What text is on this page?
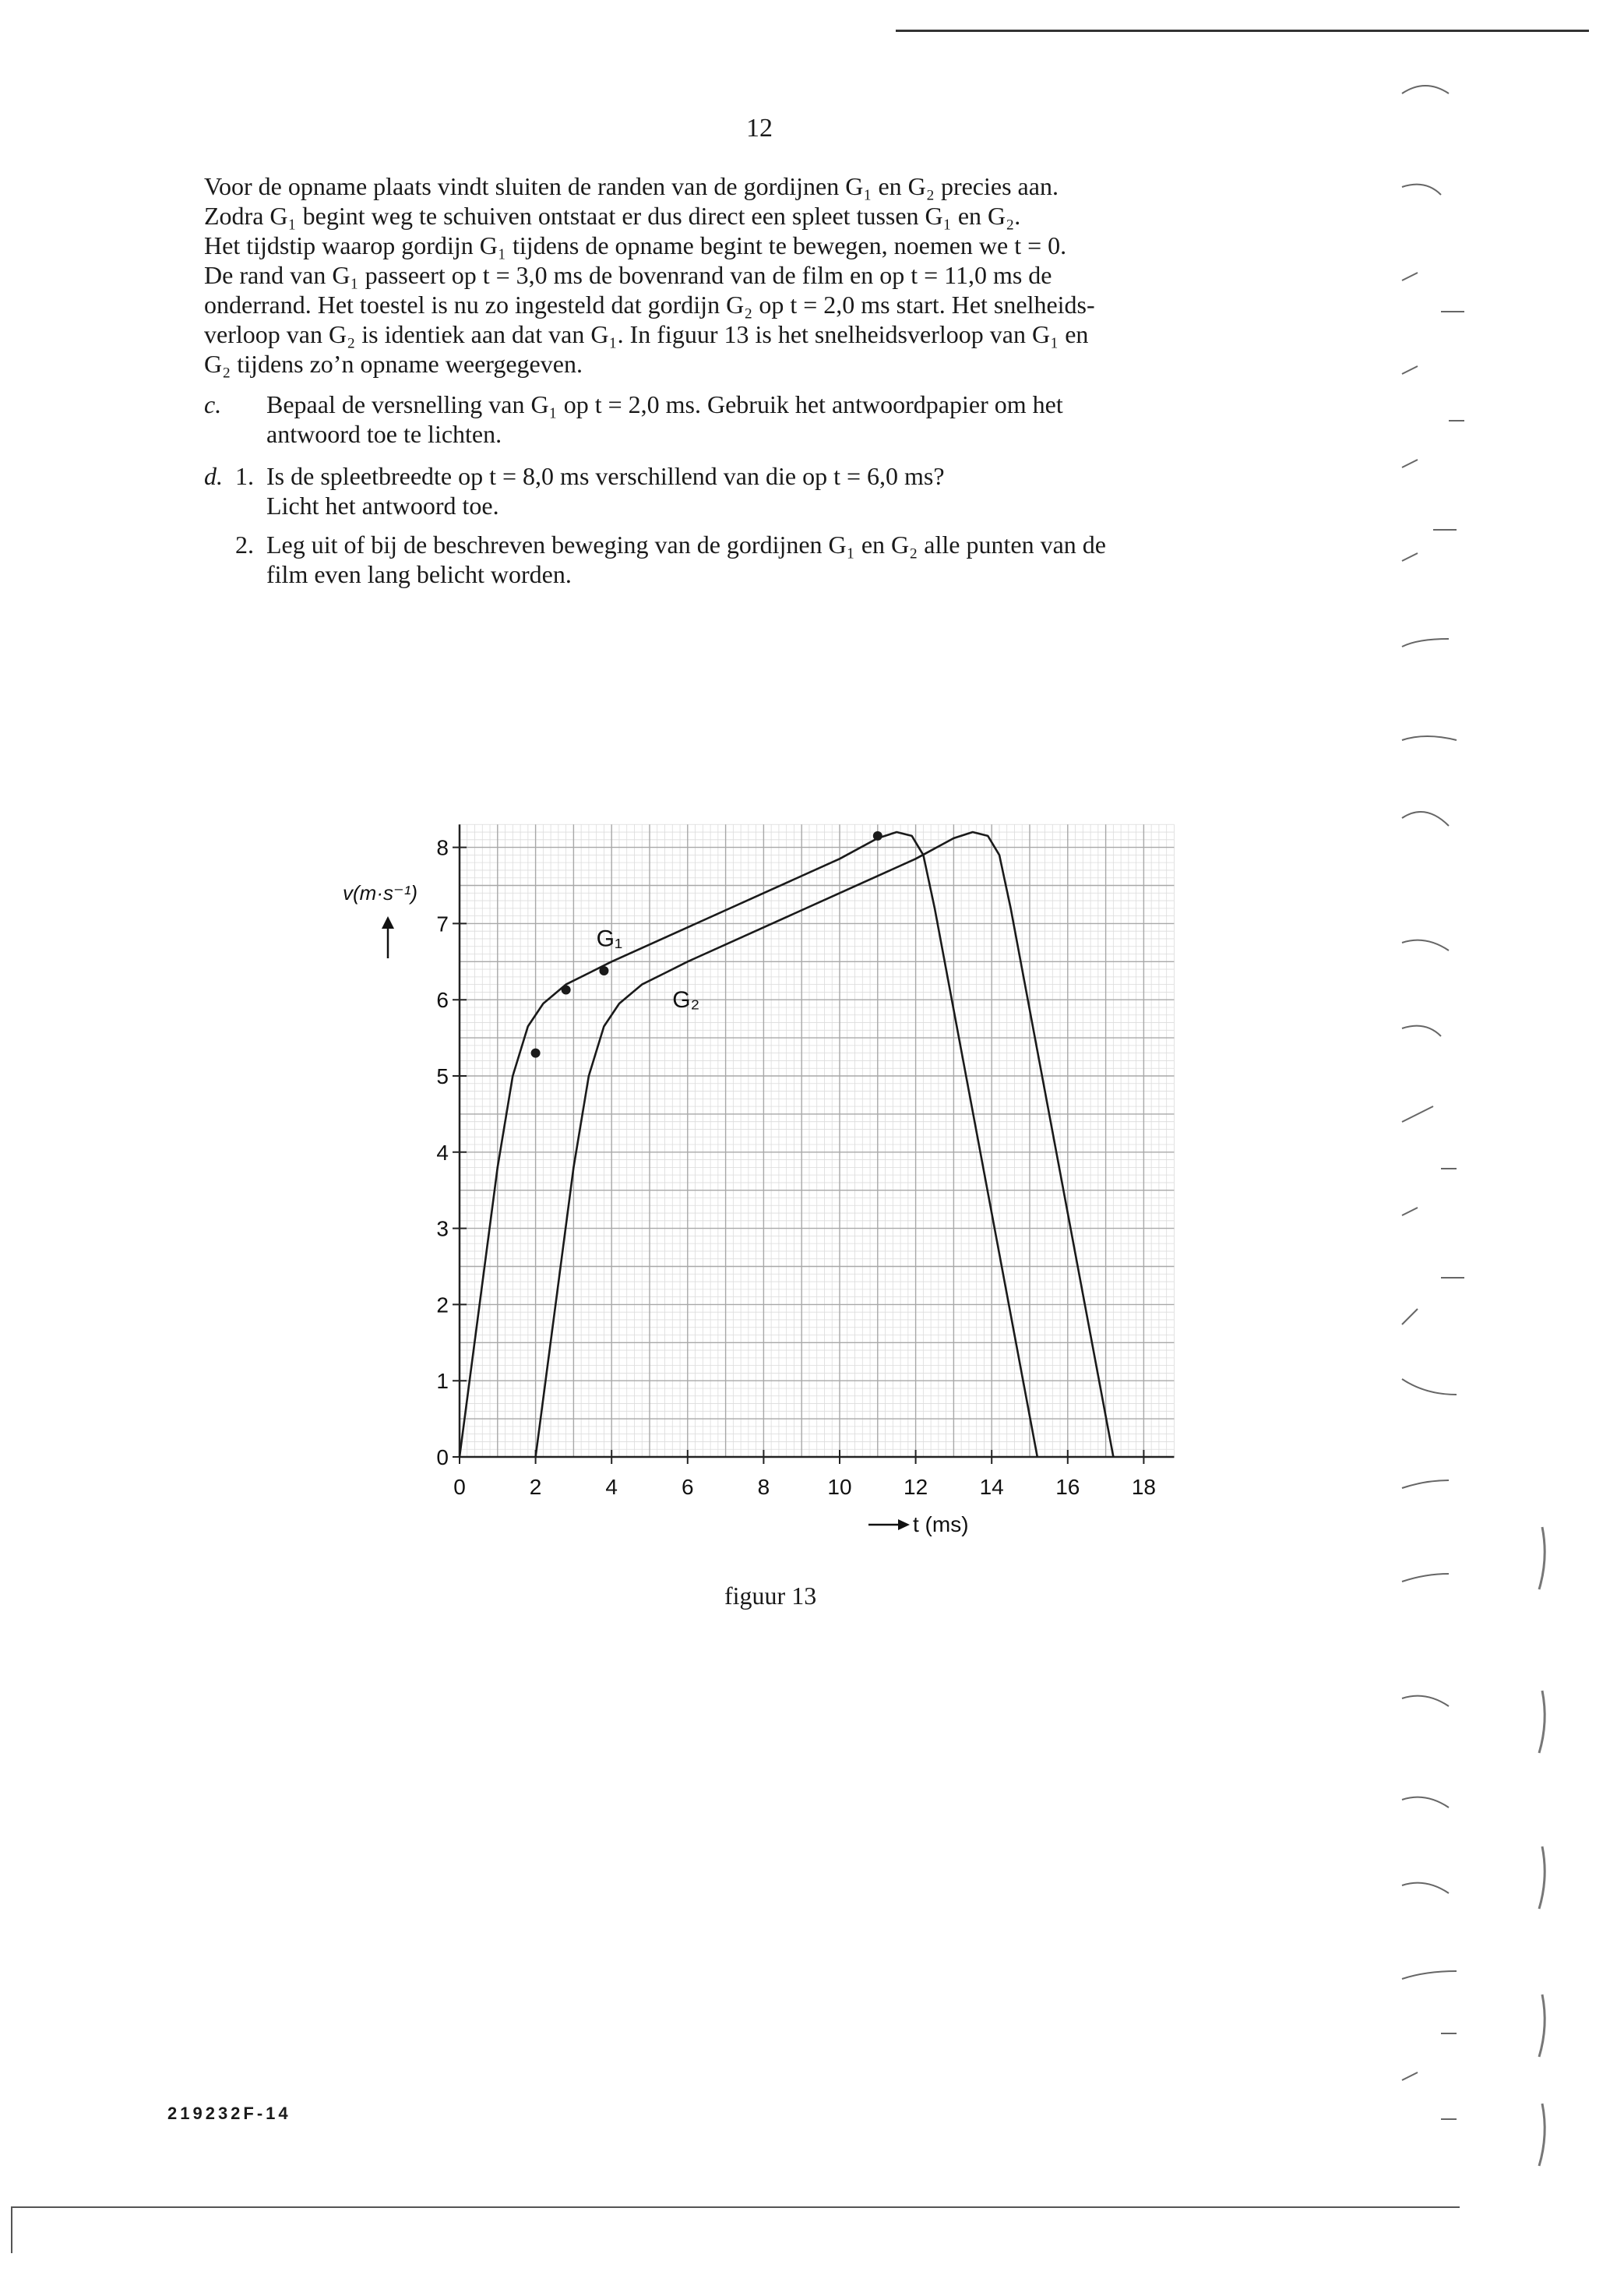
12
Voor de opname plaats vindt sluiten de randen van de gordijnen G₁ en G₂ precies aan.
Zodra G₁ begint weg te schuiven ontstaat er dus direct een spleet tussen G₁ en G₂.
Het tijdstip waarop gordijn G₁ tijdens de opname begint te bewegen, noemen we t = 0.
De rand van G₁ passeert op t = 3,0 ms de bovenrand van de film en op t = 11,0 ms de
onderrand. Het toestel is nu zo ingesteld dat gordijn G₂ op t = 2,0 ms start. Het snelheids-
verloop van G₂ is identiek aan dat van G₁. In figuur 13 is het snelheidsverloop van G₁ en
G₂ tijdens zo’n opname weergegeven.
c. Bepaal de versnelling van G₁ op t = 2,0 ms. Gebruik het antwoordpapier om het
antwoord toe te lichten.
d. 1. Is de spleetbreedte op t = 8,0 ms verschillend van die op t = 6,0 ms?
Licht het antwoord toe.
2. Leg uit of bij de beschreven beweging van de gordijnen G₁ en G₂ alle punten van de
film even lang belicht worden.
0	2	4	6	8	10 12 14 16 18
0
1
2
3
4
5
6
7
8
v(m·s⁻¹)
t (ms)
G₁
G₂
figuur 13
219232F-14
